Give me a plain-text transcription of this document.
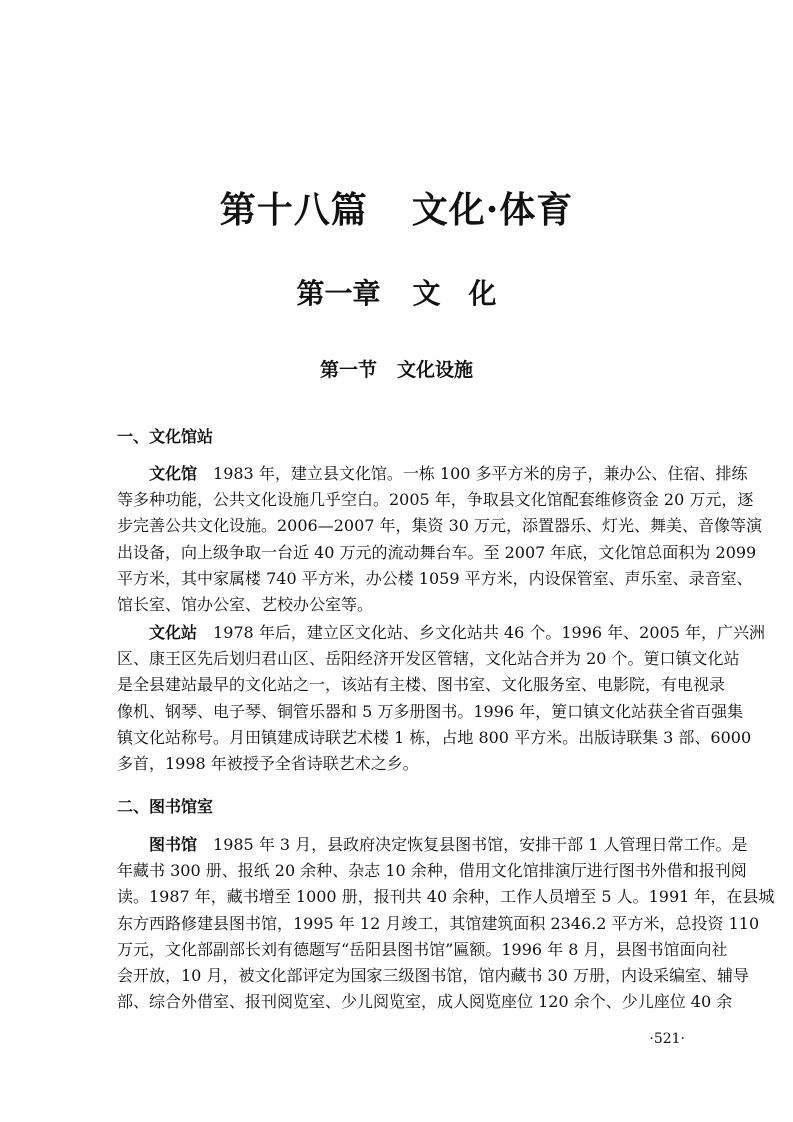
第十八篇 文化·体育
第一章 文　化
第一节 文化设施
一、文化馆站
文化馆 1983 年，建立县文化馆。一栋 100 多平方米的房子，兼办公、住宿、排练
等多种功能，公共文化设施几乎空白。2005 年，争取县文化馆配套维修资金 20 万元，逐
步完善公共文化设施。2006—2007 年，集资 30 万元，添置器乐、灯光、舞美、音像等演
出设备，向上级争取一台近 40 万元的流动舞台车。至 2007 年底，文化馆总面积为 2099
平方米，其中家属楼 740 平方米，办公楼 1059 平方米，内设保管室、声乐室、录音室、
馆长室、馆办公室、艺校办公室等。
文化站 1978 年后，建立区文化站、乡文化站共 46 个。1996 年、2005 年，广兴洲
区、康王区先后划归君山区、岳阳经济开发区管辖，文化站合并为 20 个。筻口镇文化站
是全县建站最早的文化站之一，该站有主楼、图书室、文化服务室、电影院，有电视录
像机、钢琴、电子琴、铜管乐器和 5 万多册图书。1996 年，筻口镇文化站获全省百强集
镇文化站称号。月田镇建成诗联艺术楼 1 栋，占地 800 平方米。出版诗联集 3 部、6000
多首，1998 年被授予全省诗联艺术之乡。
二、图书馆室
图书馆 1985 年 3 月，县政府决定恢复县图书馆，安排干部 1 人管理日常工作。是
年藏书 300 册、报纸 20 余种、杂志 10 余种，借用文化馆排演厅进行图书外借和报刊阅
读。1987 年，藏书增至 1000 册，报刊共 40 余种，工作人员增至 5 人。1991 年，在县城
东方西路修建县图书馆，1995 年 12 月竣工，其馆建筑面积 2346.2 平方米，总投资 110
万元，文化部副部长刘有德题写“岳阳县图书馆”匾额。1996 年 8 月，县图书馆面向社
会开放，10 月，被文化部评定为国家三级图书馆，馆内藏书 30 万册，内设采编室、辅导
部、综合外借室、报刊阅览室、少儿阅览室，成人阅览座位 120 余个、少儿座位 40 余
·521·
